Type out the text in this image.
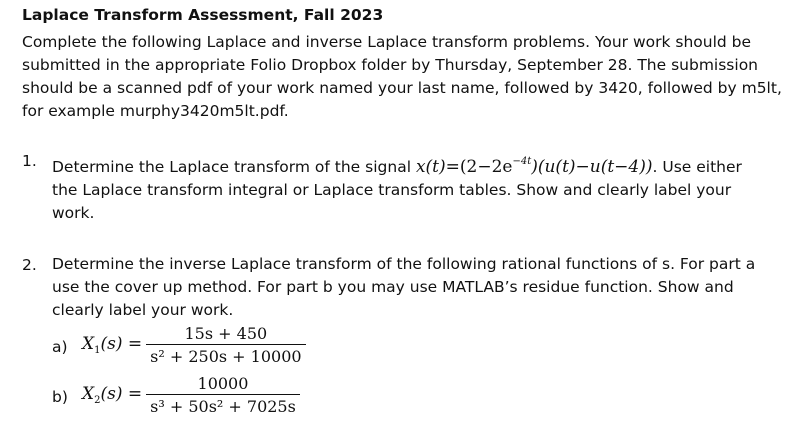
Laplace Transform Assessment, Fall 2023
Complete the following Laplace and inverse Laplace transform problems. Your work should be submitted in the appropriate Folio Dropbox folder by Thursday, September 28. The submission should be a scanned pdf of your work named your last name, followed by 3420, followed by m5lt, for example murphy3420m5lt.pdf.
1. Determine the Laplace transform of the signal $x(t)=(2-2e^{-4t})(u(t)-u(t-4))$. Use either
the Laplace transform integral or Laplace transform tables. Show and clearly label your
work.
2. Determine the inverse Laplace transform of the following rational functions of s. For part a use the cover up method. For part b you may use MATLAB’s residue function. Show and clearly label your work.
a) $X_1(s) = \frac{15s + 450}{\text{s² + 250s + 10000}}$
b) $X_2(s) = \frac{10000}{\text{s³ + 50s² + 7025s}}$
